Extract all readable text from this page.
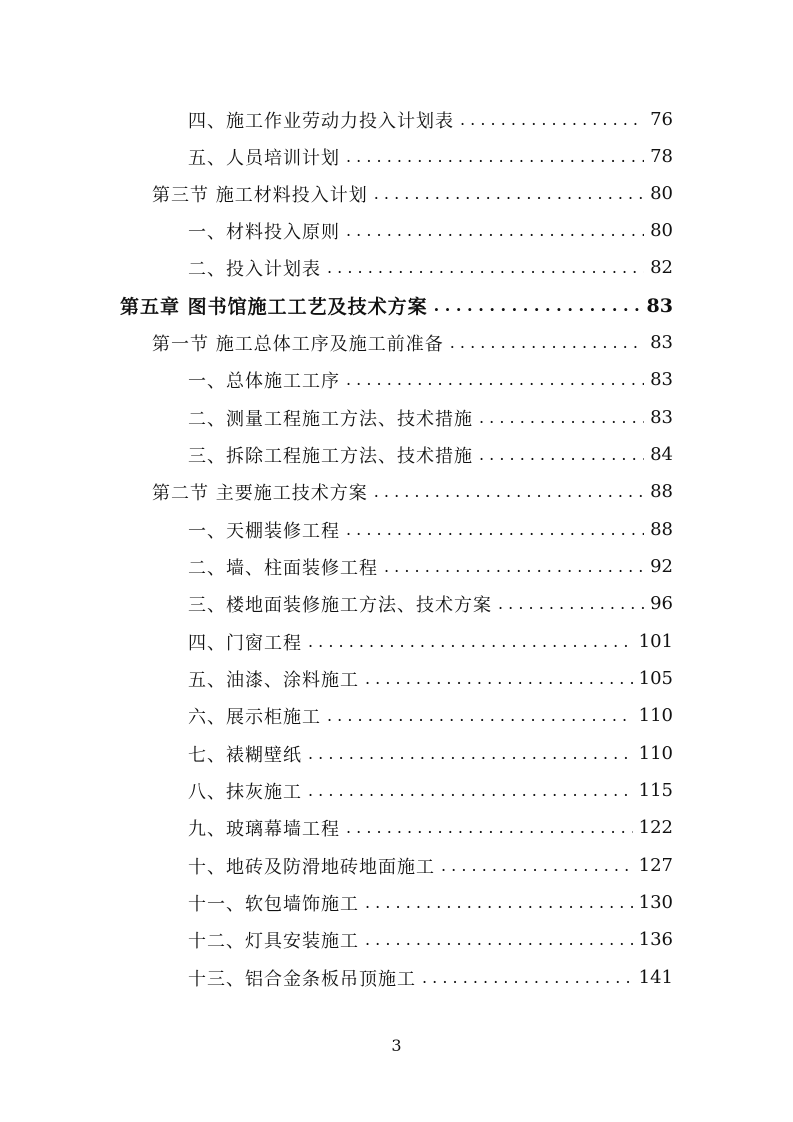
四、施工作业劳动力投入计划表 . . .	76
五、人员培训计划 . . .	78
第三节 施工材料投入计划 . . .	80
一、材料投入原则 . . .	80
二、投入计划表 . . .	82
第五章 图书馆施工工艺及技术方案 . . .	83
第一节 施工总体工序及施工前准备 . . .	83
一、总体施工工序 . . .	83
二、测量工程施工方法、技术措施 . . .	83
三、拆除工程施工方法、技术措施 . . .	84
第二节 主要施工技术方案 . . .	88
一、天棚装修工程 . . .	88
二、墙、柱面装修工程 . . .	92
三、楼地面装修施工方法、技术方案 . . .	96
四、门窗工程 . . .	101
五、油漆、涂料施工 . . .	105
六、展示柜施工 . . .	110
七、裱糊壁纸 . . .	110
八、抹灰施工 . . .	115
九、玻璃幕墙工程 . . .	122
十、地砖及防滑地砖地面施工 . . .	127
十一、软包墙饰施工 . . .	130
十二、灯具安装施工 . . .	136
十三、铝合金条板吊顶施工 . . .	141
3
